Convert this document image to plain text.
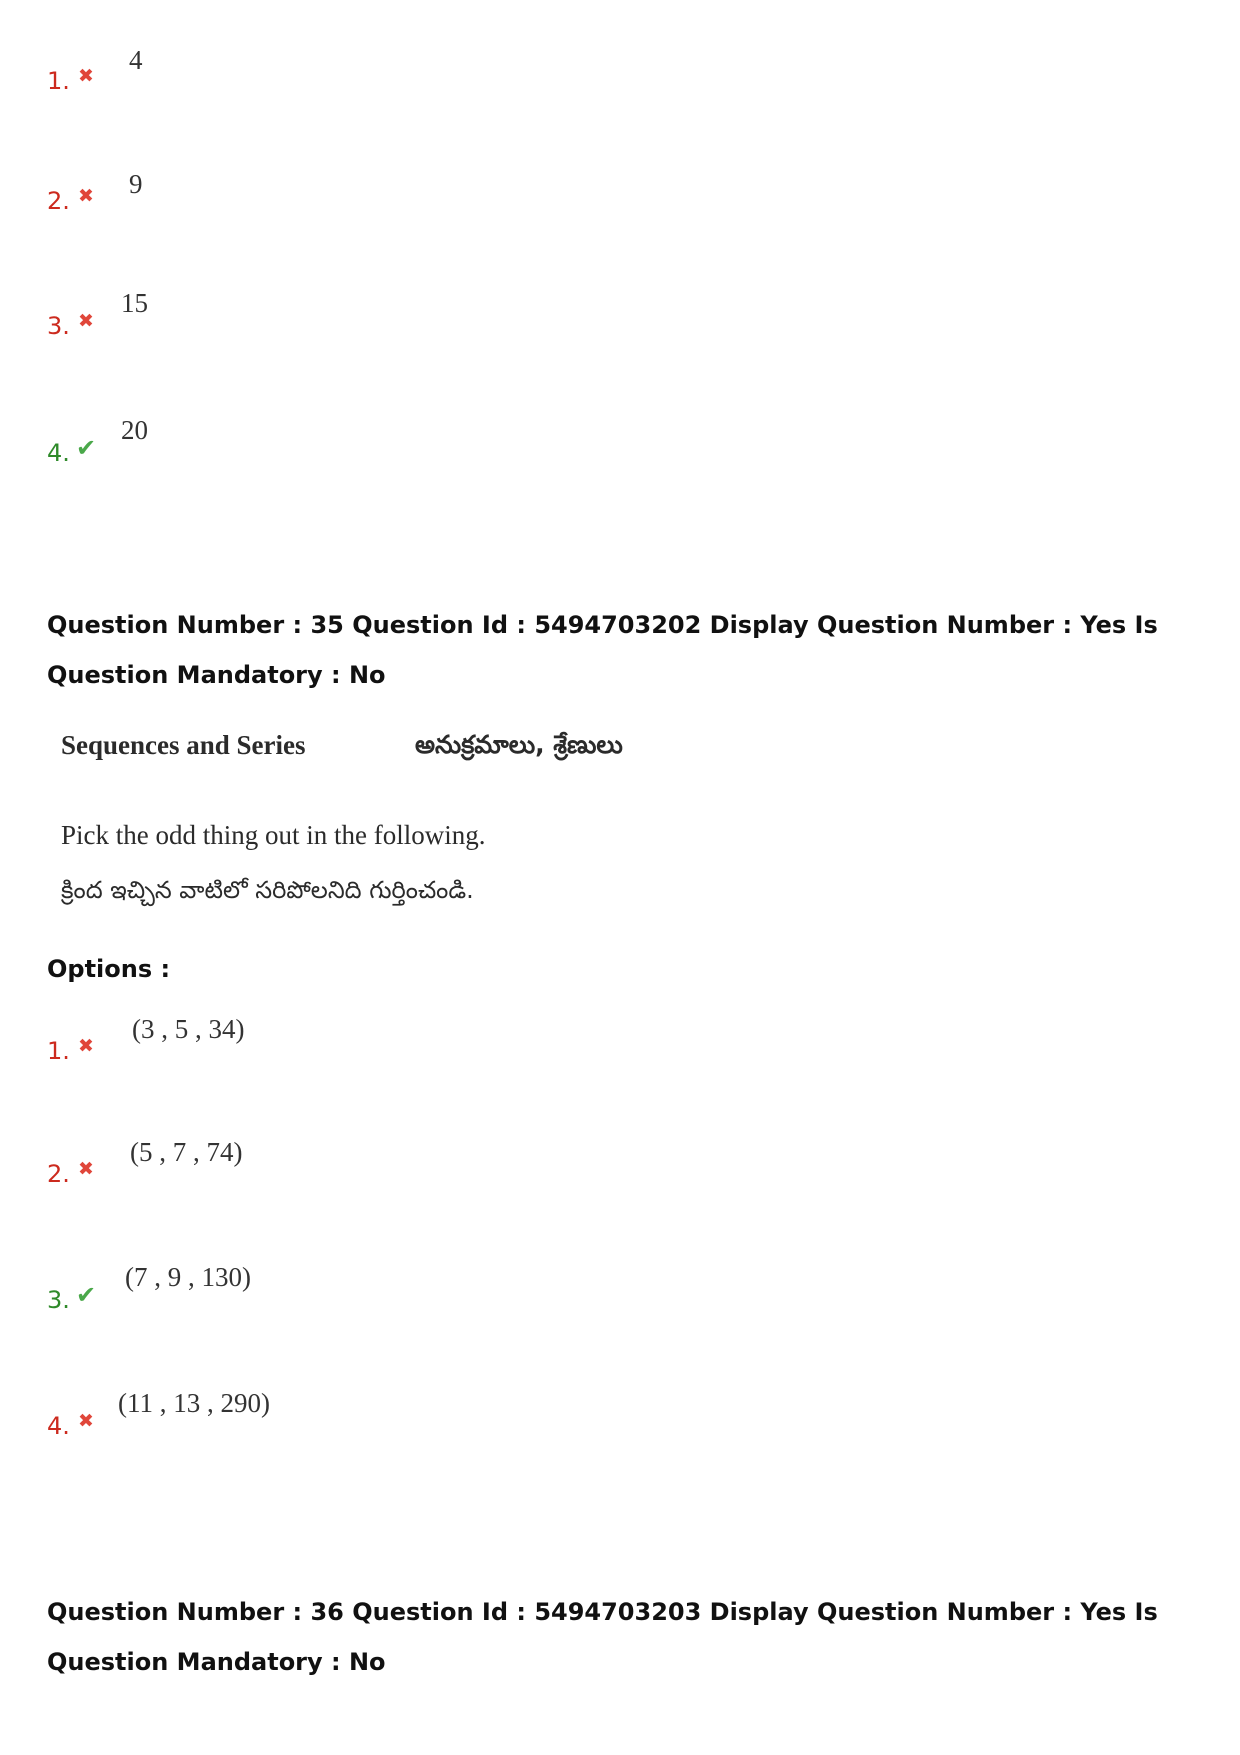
1. ✖
4
2. ✖ 9
3. ✖
15
4. ✔
20

Question Number : 35 Question Id : 5494703202 Display Question Number : Yes Is Question Mandatory : No

Sequences and Series	అనుక్రమాలు, శ్రేణులు
Pick the odd thing out in the following.
క్రింద ఇచ్చిన వాటిలో సరిపోలనిది గుర్తించండి.
Options :
1. ✖
(3 , 5 , 34)
2. ✖
(5 , 7 , 74)
3. ✔
(7 , 9 , 130)
4. ✖
(11 , 13 , 290)

Question Number : 36 Question Id : 5494703203 Display Question Number : Yes Is Question Mandatory : No
